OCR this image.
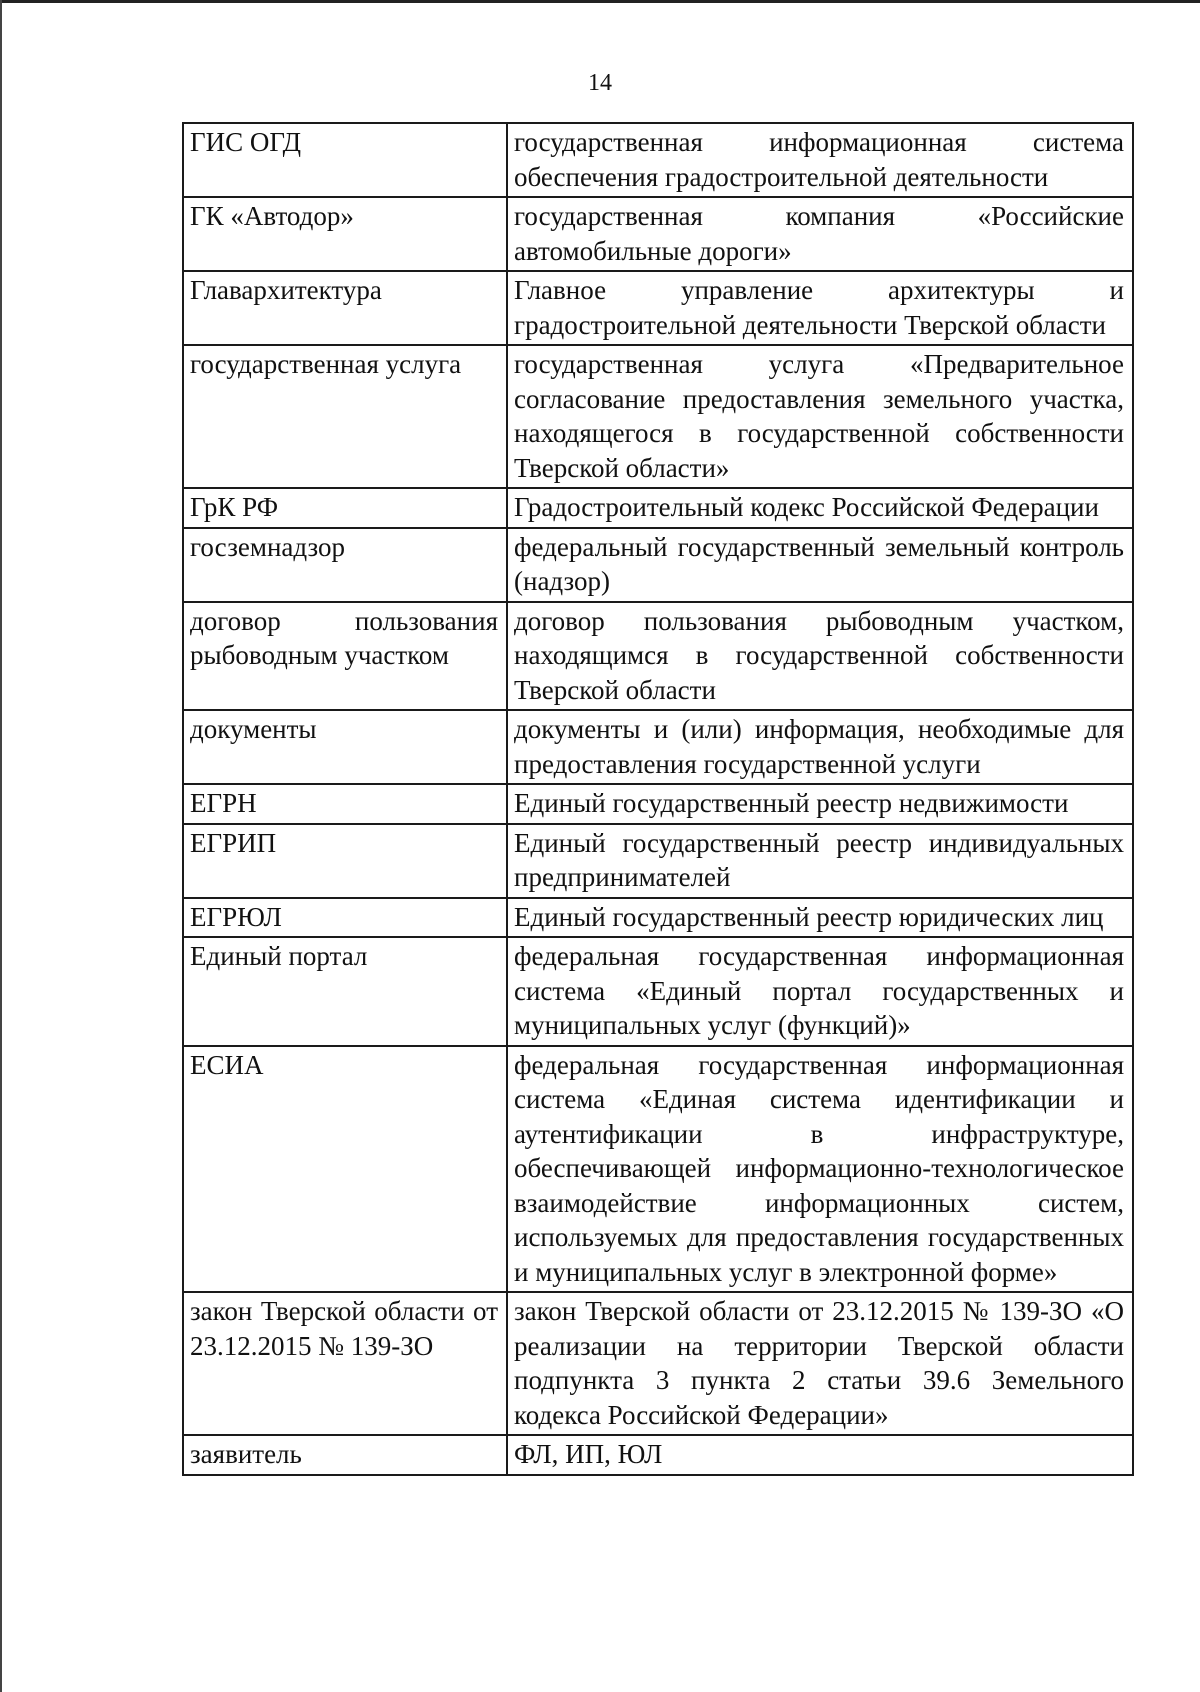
14
ГИС ОГД	государственная информационная система обеспечения градостроительной деятельности
ГК «Автодор»	государственная компания «Российские автомобильные дороги»
Главархитектура	Главное управление архитектуры и градостроительной деятельности Тверской области
государственная услуга	государственная услуга «Предварительное согласование предоставления земельного участка, находящегося в государственной собственности Тверской области»
ГрК РФ	Градостроительный кодекс Российской Федерации
госземнадзор	федеральный государственный земельный контроль (надзор)
договор пользования рыбоводным участком	договор пользования рыбоводным участком, находящимся в государственной собственности Тверской области
документы	документы и (или) информация, необходимые для предоставления государственной услуги
ЕГРН	Единый государственный реестр недвижимости
ЕГРИП	Единый государственный реестр индивидуальных предпринимателей
ЕГРЮЛ	Единый государственный реестр юридических лиц
Единый портал	федеральная государственная информационная система «Единый портал государственных и муниципальных услуг (функций)»
ЕСИА	федеральная государственная информационная система «Единая система идентификации и аутентификации в инфраструктуре, обеспечивающей информационно-технологическое взаимодействие информационных систем, используемых для предоставления государственных и муниципальных услуг в электронной форме»
закон Тверской области от 23.12.2015 № 139-ЗО	закон Тверской области от 23.12.2015 № 139-ЗО «О реализации на территории Тверской области подпункта 3 пункта 2 статьи 39.6 Земельного кодекса Российской Федерации»
заявитель	ФЛ, ИП, ЮЛ
